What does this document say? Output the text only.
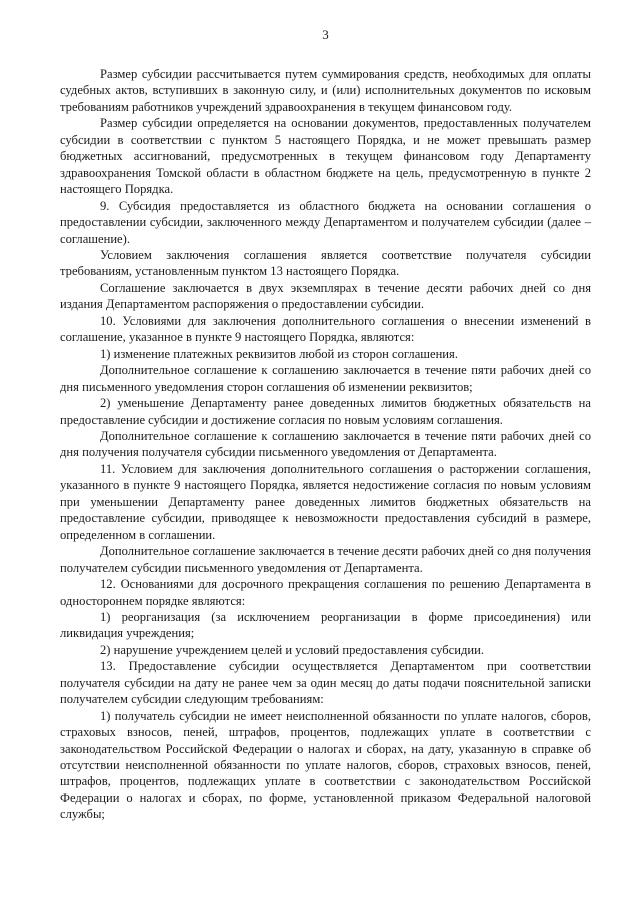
3

Размер субсидии рассчитывается путем суммирования средств, необходимых для оплаты судебных актов, вступивших в законную силу, и (или) исполнительных документов по исковым требованиям работников учреждений здравоохранения в текущем финансовом году.

Размер субсидии определяется на основании документов, предоставленных получателем субсидии в соответствии с пунктом 5 настоящего Порядка, и не может превышать размер бюджетных ассигнований, предусмотренных в текущем финансовом году Департаменту здравоохранения Томской области в областном бюджете на цель, предусмотренную в пункте 2 настоящего Порядка.

9. Субсидия предоставляется из областного бюджета на основании соглашения о предоставлении субсидии, заключенного между Департаментом и получателем субсидии (далее – соглашение).

Условием заключения соглашения является соответствие получателя субсидии требованиям, установленным пунктом 13 настоящего Порядка.

Соглашение заключается в двух экземплярах в течение десяти рабочих дней со дня издания Департаментом распоряжения о предоставлении субсидии.

10. Условиями для заключения дополнительного соглашения о внесении изменений в соглашение, указанное в пункте 9 настоящего Порядка, являются:

1) изменение платежных реквизитов любой из сторон соглашения.

Дополнительное соглашение к соглашению заключается в течение пяти рабочих дней со дня письменного уведомления сторон соглашения об изменении реквизитов;

2) уменьшение Департаменту ранее доведенных лимитов бюджетных обязательств на предоставление субсидии и достижение согласия по новым условиям соглашения.

Дополнительное соглашение к соглашению заключается в течение пяти рабочих дней со дня получения получателя субсидии письменного уведомления от Департамента.

11. Условием для заключения дополнительного соглашения о расторжении соглашения, указанного в пункте 9 настоящего Порядка, является недостижение согласия по новым условиям при уменьшении Департаменту ранее доведенных лимитов бюджетных обязательств на предоставление субсидии, приводящее к невозможности предоставления субсидий в размере, определенном в соглашении.

Дополнительное соглашение заключается в течение десяти рабочих дней со дня получения получателем субсидии письменного уведомления от Департамента.

12. Основаниями для досрочного прекращения соглашения по решению Департамента в одностороннем порядке являются:

1) реорганизация (за исключением реорганизации в форме присоединения) или ликвидация учреждения;

2) нарушение учреждением целей и условий предоставления субсидии.

13. Предоставление субсидии осуществляется Департаментом при соответствии получателя субсидии на дату не ранее чем за один месяц до даты подачи пояснительной записки получателем субсидии следующим требованиям:

1) получатель субсидии не имеет неисполненной обязанности по уплате налогов, сборов, страховых взносов, пеней, штрафов, процентов, подлежащих уплате в соответствии с законодательством Российской Федерации о налогах и сборах, на дату, указанную в справке об отсутствии неисполненной обязанности по уплате налогов, сборов, страховых взносов, пеней, штрафов, процентов, подлежащих уплате в соответствии с законодательством Российской Федерации о налогах и сборах, по форме, установленной приказом Федеральной налоговой службы;
